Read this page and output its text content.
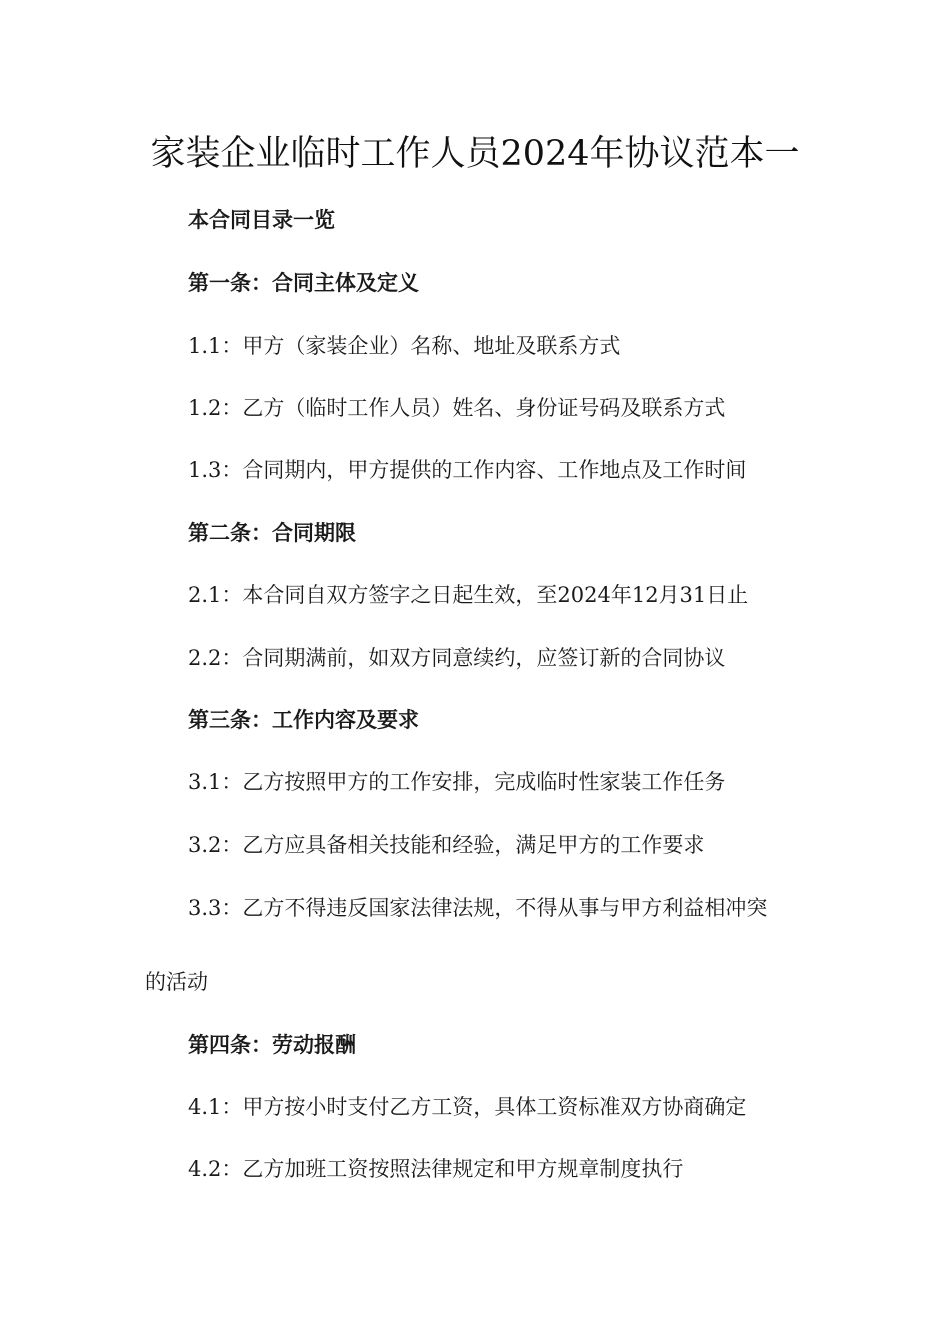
家装企业临时工作人员2024年协议范本一

本合同目录一览

第一条：合同主体及定义

1.1：甲方（家装企业）名称、地址及联系方式

1.2：乙方（临时工作人员）姓名、身份证号码及联系方式

1.3：合同期内，甲方提供的工作内容、工作地点及工作时间

第二条：合同期限

2.1：本合同自双方签字之日起生效，至2024年12月31日止

2.2：合同期满前，如双方同意续约，应签订新的合同协议

第三条：工作内容及要求

3.1：乙方按照甲方的工作安排，完成临时性家装工作任务

3.2：乙方应具备相关技能和经验，满足甲方的工作要求

3.3：乙方不得违反国家法律法规，不得从事与甲方利益相冲突

的活动

第四条：劳动报酬

4.1：甲方按小时支付乙方工资，具体工资标准双方协商确定

4.2：乙方加班工资按照法律规定和甲方规章制度执行
